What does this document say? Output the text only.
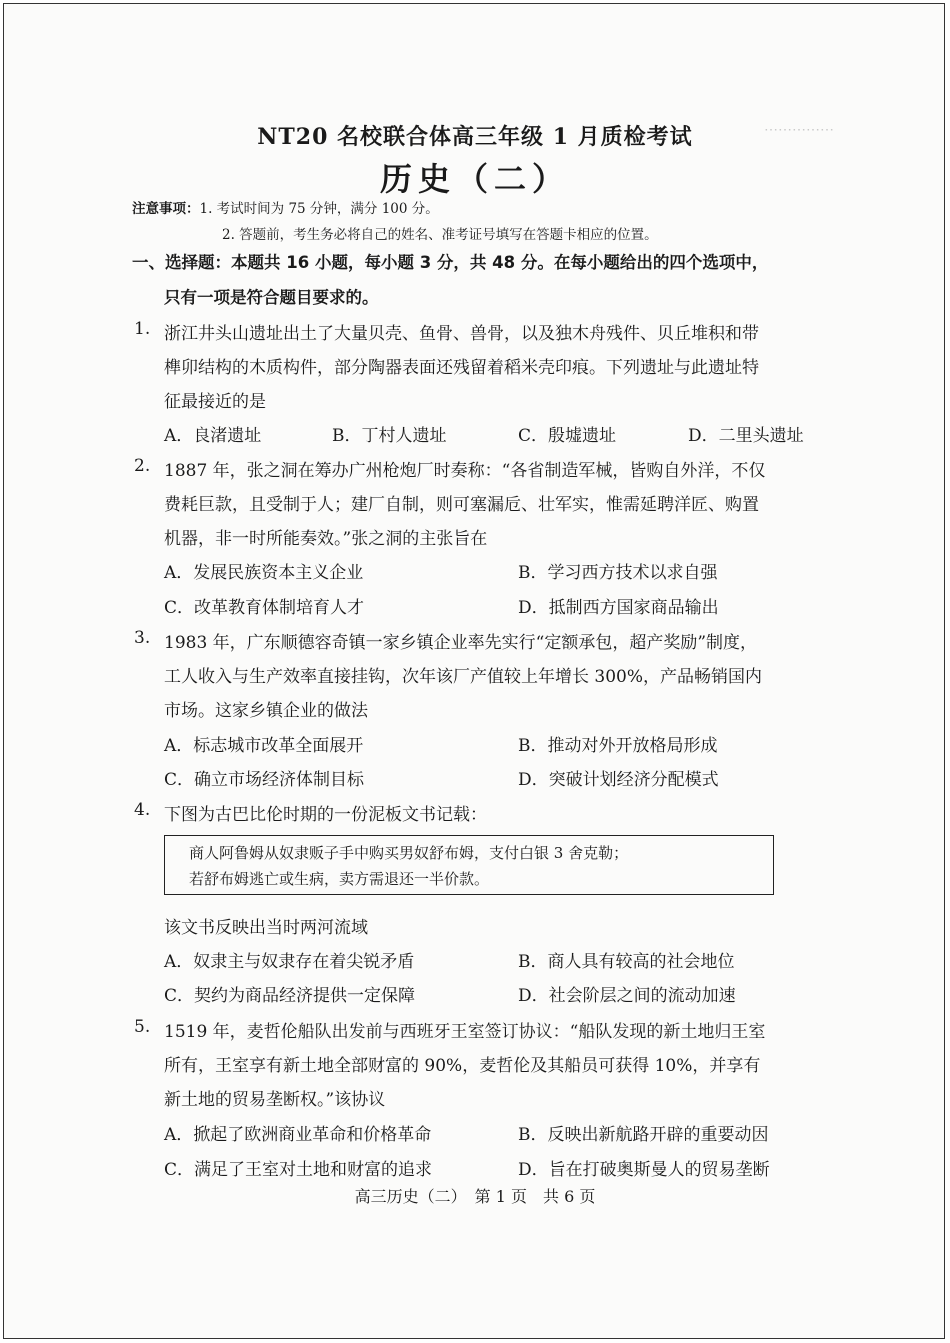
⋯⋯⋯⋯⋯
NT20 名校联合体高三年级 1 月质检考试
历史（二）
注意事项：1. 考试时间为 75 分钟，满分 100 分。
2. 答题前，考生务必将自己的姓名、准考证号填写在答题卡相应的位置。
一、选择题：本题共 16 小题，每小题 3 分，共 48 分。在每小题给出的四个选项中，
只有一项是符合题目要求的。
1. 浙江井头山遗址出土了大量贝壳、鱼骨、兽骨，以及独木舟残件、贝丘堆积和带
榫卯结构的木质构件，部分陶器表面还残留着稻米壳印痕。下列遗址与此遗址特
征最接近的是
A．良渚遗址	B．丁村人遗址	C．殷墟遗址	D．二里头遗址
2. 1887 年，张之洞在筹办广州枪炮厂时奏称：“各省制造军械，皆购自外洋，不仅
费耗巨款，且受制于人；建厂自制，则可塞漏卮、壮军实，惟需延聘洋匠、购置
机器，非一时所能奏效。”张之洞的主张旨在
A．发展民族资本主义企业	B．学习西方技术以求自强
C．改革教育体制培育人才	D．抵制西方国家商品输出
3. 1983 年，广东顺德容奇镇一家乡镇企业率先实行“定额承包，超产奖励”制度，
工人收入与生产效率直接挂钩，次年该厂产值较上年增长 300%，产品畅销国内
市场。这家乡镇企业的做法
A．标志城市改革全面展开	B．推动对外开放格局形成
C．确立市场经济体制目标	D．突破计划经济分配模式
4. 下图为古巴比伦时期的一份泥板文书记载：
商人阿鲁姆从奴隶贩子手中购买男奴舒布姆，支付白银 3 舍克勒；
若舒布姆逃亡或生病，卖方需退还一半价款。
该文书反映出当时两河流域
A．奴隶主与奴隶存在着尖锐矛盾	B．商人具有较高的社会地位
C．契约为商品经济提供一定保障	D．社会阶层之间的流动加速
5. 1519 年，麦哲伦船队出发前与西班牙王室签订协议：“船队发现的新土地归王室
所有，王室享有新土地全部财富的 90%，麦哲伦及其船员可获得 10%，并享有
新土地的贸易垄断权。”该协议
A．掀起了欧洲商业革命和价格革命	B．反映出新航路开辟的重要动因
C．满足了王室对土地和财富的追求	D．旨在打破奥斯曼人的贸易垄断
高三历史（二）　第 1 页　共 6 页
